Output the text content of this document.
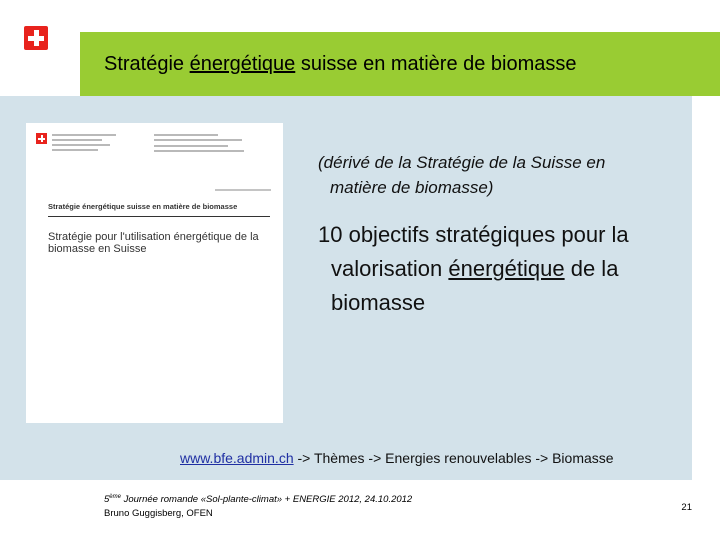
Stratégie énergétique suisse en matière de biomasse
Stratégie énergétique suisse en matière de biomasse
Stratégie pour l'utilisation énergétique de la biomasse en Suisse
(dérivé de la Stratégie de la Suisse en
matière de biomasse)
10 objectifs stratégiques pour la
valorisation énergétique de la
biomasse
www.bfe.admin.ch -> Thèmes -> Energies renouvelables -> Biomasse
5ème Journée romande «Sol-plante-climat» + ENERGIE 2012, 24.10.2012
Bruno Guggisberg, OFEN
21
